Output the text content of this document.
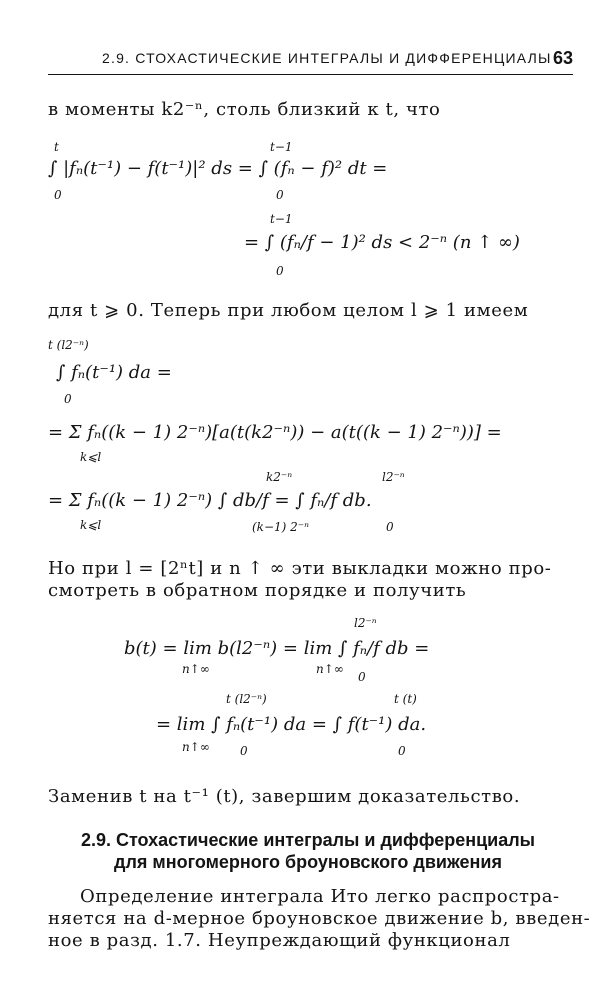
2.9. СТОХАСТИЧЕСКИЕ ИНТЕГРАЛЫ И ДИФФЕРЕНЦИАЛЫ 63
в моменты k2⁻ⁿ, столь близкий к t, что
t	t−1
∫ |fₙ(t⁻¹) − f(t⁻¹)|² ds = ∫ (fₙ − f)² dt =
0	0
t−1
= ∫ (fₙ/f − 1)² ds < 2⁻ⁿ (n ↑ ∞)
0
для t ⩾ 0. Теперь при любом целом l ⩾ 1 имеем
t (l2⁻ⁿ)
∫ fₙ(t⁻¹) da =
0
= Σ fₙ((k − 1) 2⁻ⁿ)[a(t(k2⁻ⁿ)) − a(t((k − 1) 2⁻ⁿ))] =
k⩽l
k2⁻ⁿ	l2⁻ⁿ
= Σ fₙ((k − 1) 2⁻ⁿ) ∫ db/f = ∫ fₙ/f db.
k⩽l	(k−1) 2⁻ⁿ	0
Но при l = [2ⁿt] и n ↑ ∞ эти выкладки можно про-
смотреть в обратном порядке и получить
l2⁻ⁿ
b(t) = lim b(l2⁻ⁿ) = lim ∫ fₙ/f db =
n↑∞	n↑∞
0
t (l2⁻ⁿ)	t (t)
= lim ∫ fₙ(t⁻¹) da = ∫ f(t⁻¹) da.
n↑∞	0	0
Заменив t на t⁻¹ (t), завершим доказательство.
2.9. Стохастические интегралы и дифференциалы
для многомерного броуновского движения
Определение интеграла Ито легко распростра-
няется на d-мерное броуновское движение b, введен-
ное в разд. 1.7. Неупреждающий функционал
